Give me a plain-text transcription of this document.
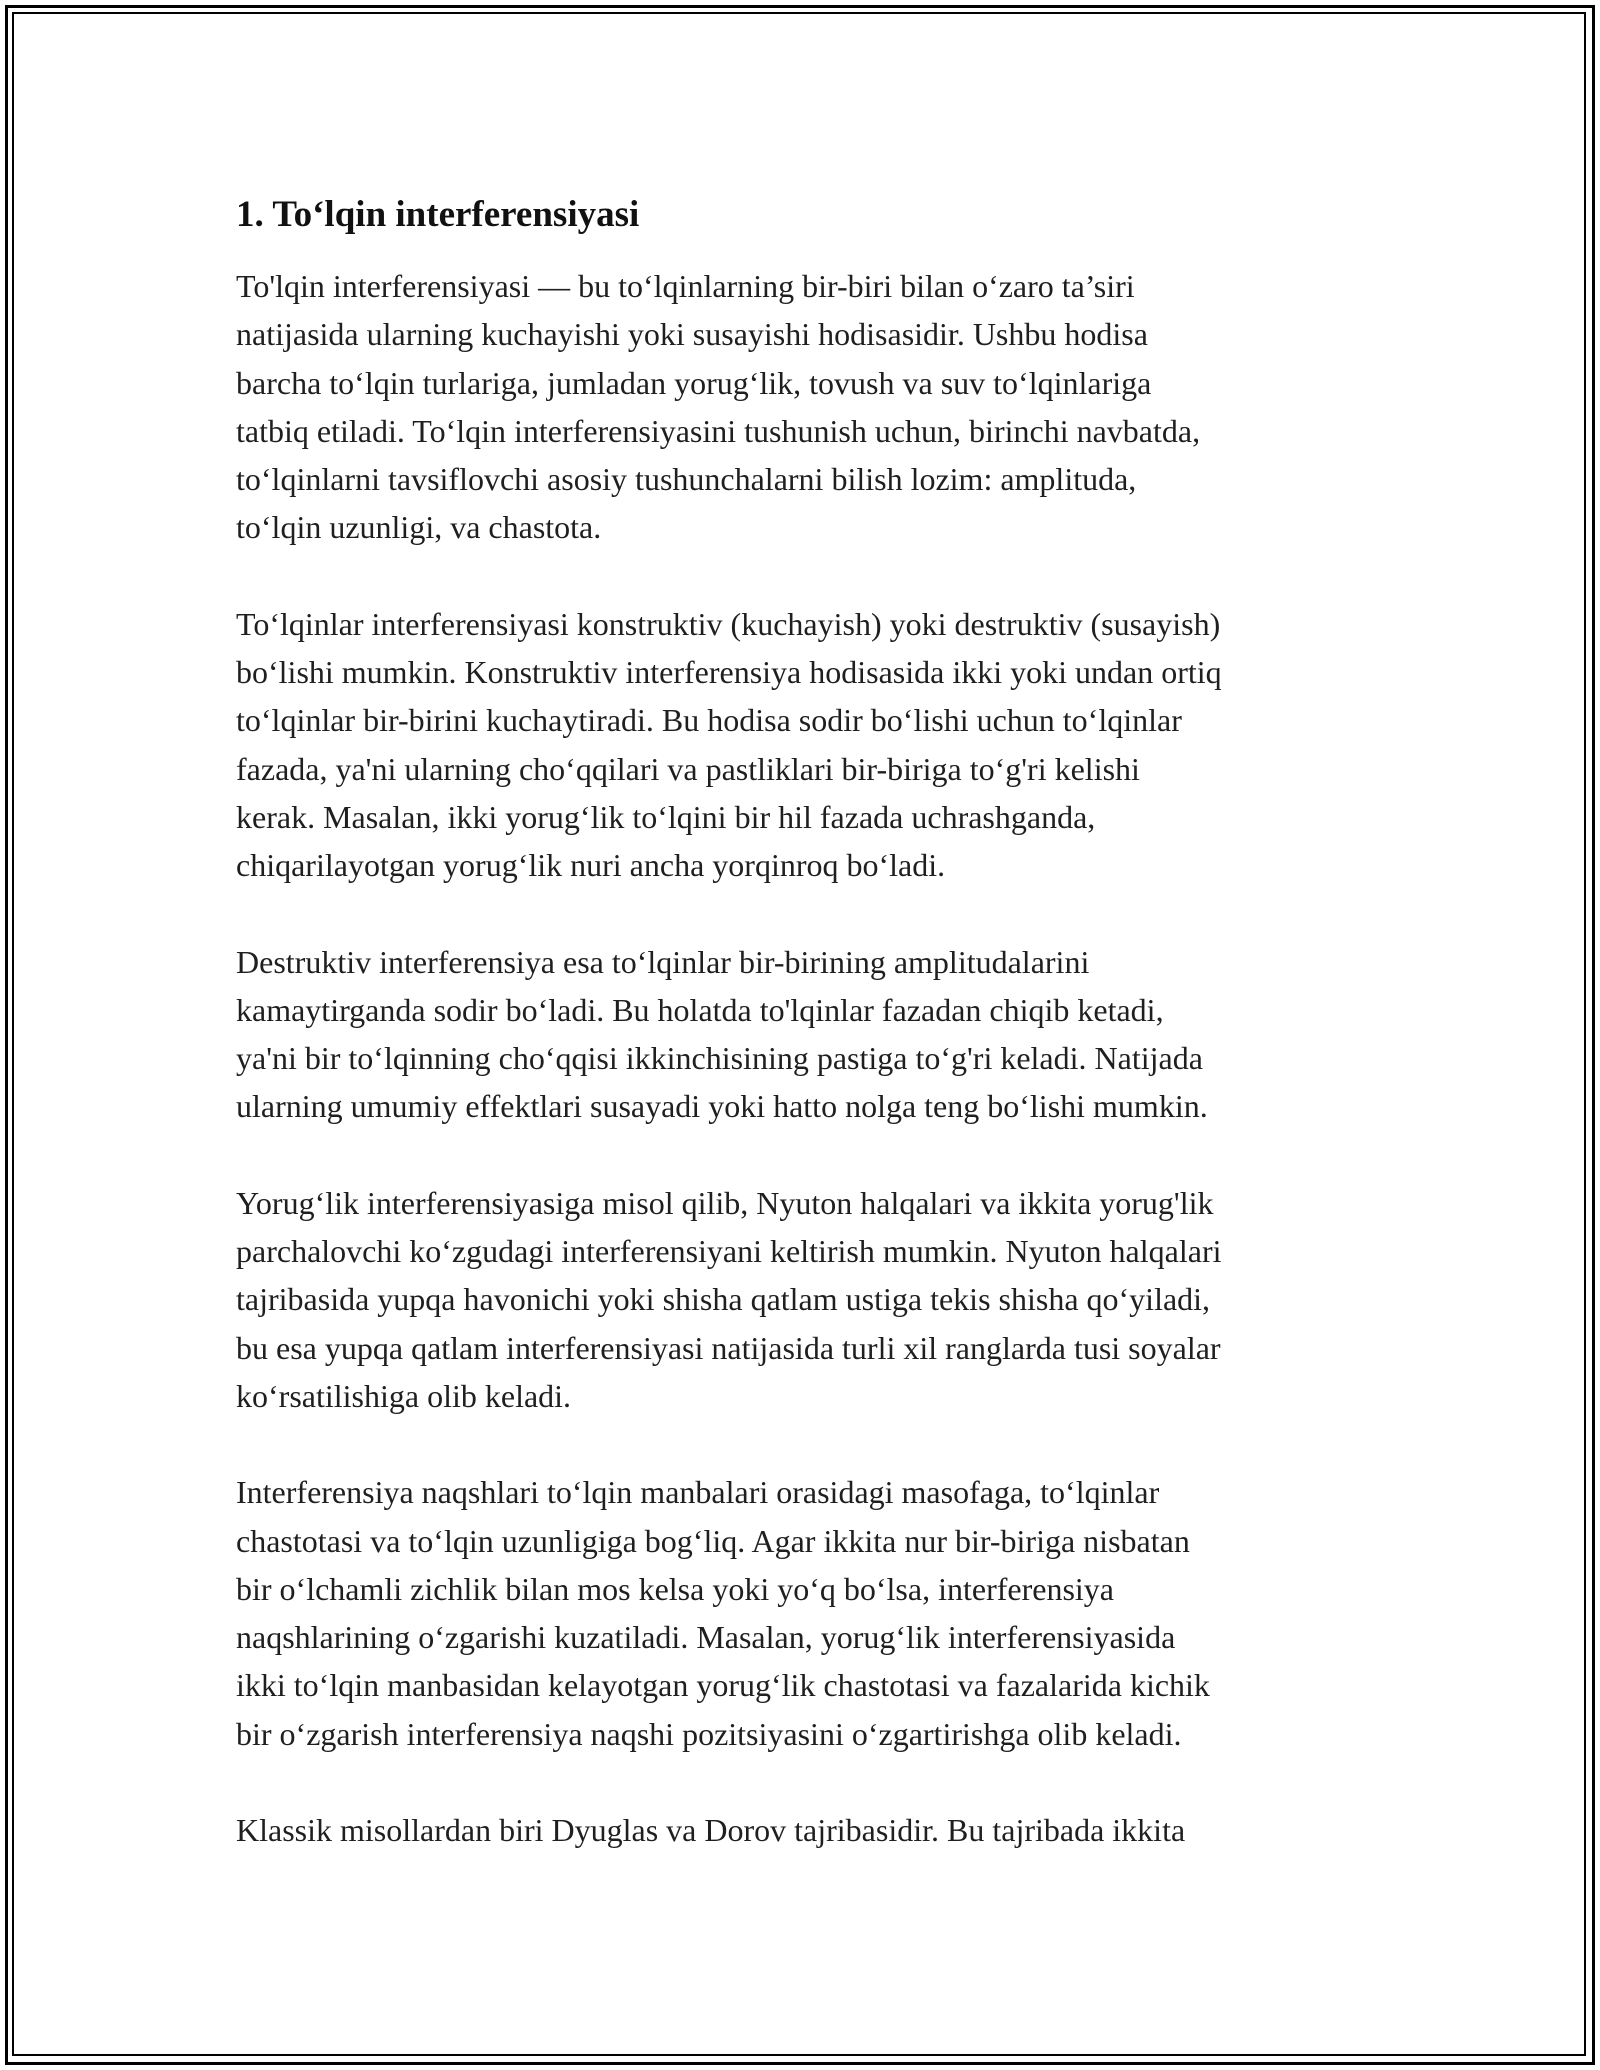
1. To‘lqin interferensiyasi

To'lqin interferensiyasi — bu to‘lqinlarning bir-biri bilan o‘zaro ta’siri
natijasida ularning kuchayishi yoki susayishi hodisasidir. Ushbu hodisa
barcha to‘lqin turlariga, jumladan yorug‘lik, tovush va suv to‘lqinlariga
tatbiq etiladi. To‘lqin interferensiyasini tushunish uchun, birinchi navbatda,
to‘lqinlarni tavsiflovchi asosiy tushunchalarni bilish lozim: amplituda,
to‘lqin uzunligi, va chastota.

To‘lqinlar interferensiyasi konstruktiv (kuchayish) yoki destruktiv (susayish)
bo‘lishi mumkin. Konstruktiv interferensiya hodisasida ikki yoki undan ortiq
to‘lqinlar bir-birini kuchaytiradi. Bu hodisa sodir bo‘lishi uchun to‘lqinlar
fazada, ya'ni ularning cho‘qqilari va pastliklari bir-biriga to‘g'ri kelishi
kerak. Masalan, ikki yorug‘lik to‘lqini bir hil fazada uchrashganda,
chiqarilayotgan yorug‘lik nuri ancha yorqinroq bo‘ladi.

Destruktiv interferensiya esa to‘lqinlar bir-birining amplitudalarini
kamaytirganda sodir bo‘ladi. Bu holatda to'lqinlar fazadan chiqib ketadi,
ya'ni bir to‘lqinning cho‘qqisi ikkinchisining pastiga to‘g'ri keladi. Natijada
ularning umumiy effektlari susayadi yoki hatto nolga teng bo‘lishi mumkin.

Yorug‘lik interferensiyasiga misol qilib, Nyuton halqalari va ikkita yorug'lik
parchalovchi ko‘zgudagi interferensiyani keltirish mumkin. Nyuton halqalari
tajribasida yupqa havonichi yoki shisha qatlam ustiga tekis shisha qo‘yiladi,
bu esa yupqa qatlam interferensiyasi natijasida turli xil ranglarda tusi soyalar
ko‘rsatilishiga olib keladi.

Interferensiya naqshlari to‘lqin manbalari orasidagi masofaga, to‘lqinlar
chastotasi va to‘lqin uzunligiga bog‘liq. Agar ikkita nur bir-biriga nisbatan
bir o‘lchamli zichlik bilan mos kelsa yoki yo‘q bo‘lsa, interferensiya
naqshlarining o‘zgarishi kuzatiladi. Masalan, yorug‘lik interferensiyasida
ikki to‘lqin manbasidan kelayotgan yorug‘lik chastotasi va fazalarida kichik
bir o‘zgarish interferensiya naqshi pozitsiyasini o‘zgartirishga olib keladi.

Klassik misollardan biri Dyuglas va Dorov tajribasidir. Bu tajribada ikkita
